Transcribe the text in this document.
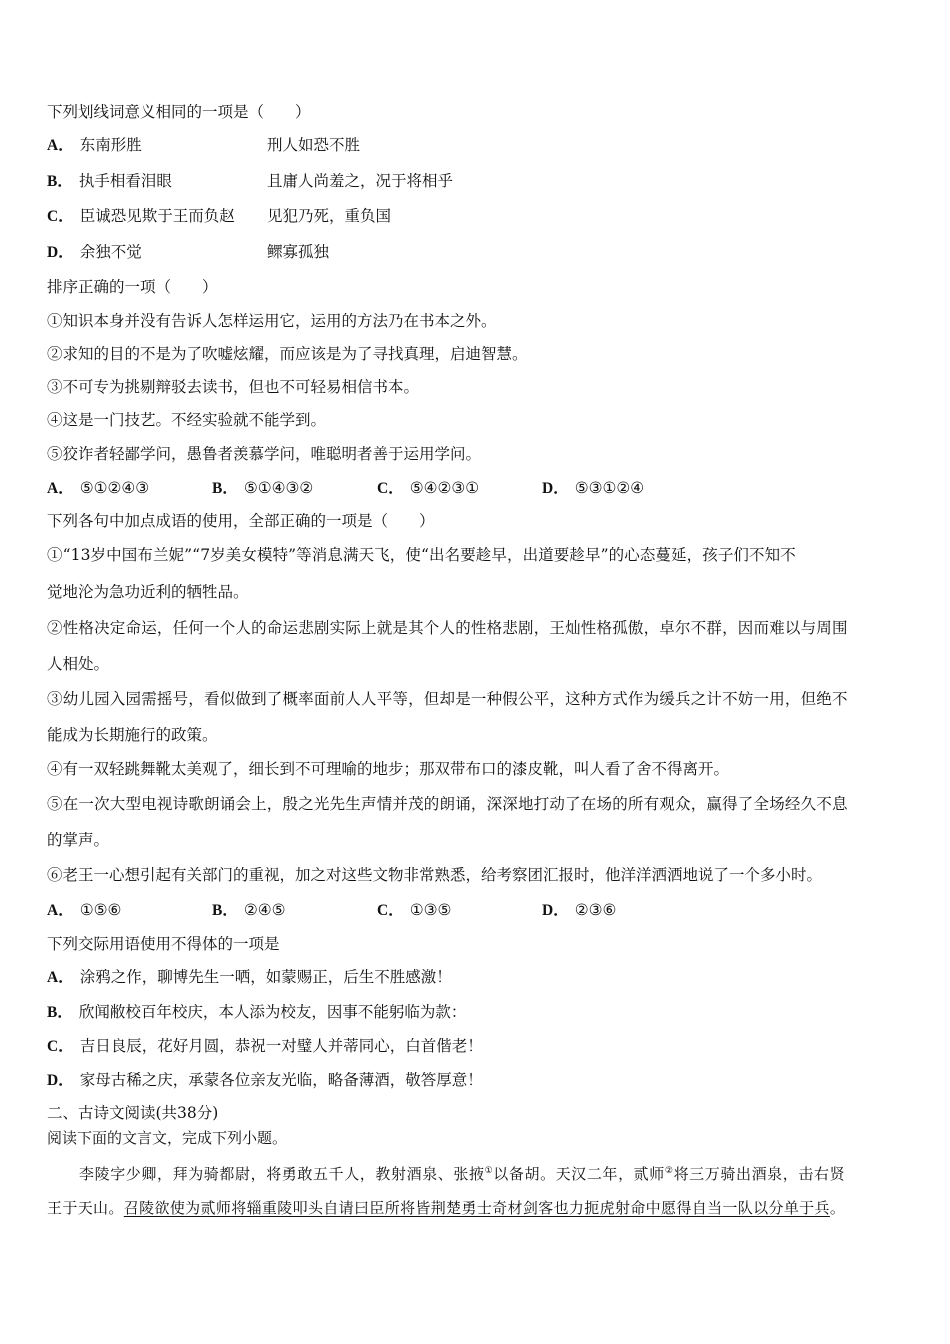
下列划线词意义相同的一项是（　　）
A． 东南形胜	刑人如恐不胜
B． 执手相看泪眼	且庸人尚羞之，况于将相乎
C． 臣诚恐见欺于王而负赵 见犯乃死，重负国
D． 余独不觉	鳏寡孤独
排序正确的一项（　　）
①知识本身并没有告诉人怎样运用它，运用的方法乃在书本之外。
②求知的目的不是为了吹嘘炫耀，而应该是为了寻找真理，启迪智慧。
③不可专为挑剔辩驳去读书，但也不可轻易相信书本。
④这是一门技艺。不经实验就不能学到。
⑤狡诈者轻鄙学问，愚鲁者羡慕学问，唯聪明者善于运用学问。
A． ⑤①②④③	B． ⑤①④③②	C． ⑤④②③①	D． ⑤③①②④
下列各句中加点成语的使用，全部正确的一项是（　　）
①“13岁中国布兰妮”“7岁美女模特”等消息满天飞，使“出名要趁早，出道要趁早”的心态蔓延，孩子们不知不
觉地沦为急功近利的牺牲品。
②性格决定命运，任何一个人的命运悲剧实际上就是其个人的性格悲剧，王灿性格孤傲，卓尔不群，因而难以与周围
人相处。
③幼儿园入园需摇号，看似做到了概率面前人人平等，但却是一种假公平，这种方式作为缓兵之计不妨一用，但绝不
能成为长期施行的政策。
④有一双轻跳舞靴太美观了，细长到不可理喻的地步；那双带布口的漆皮靴，叫人看了舍不得离开。
⑤在一次大型电视诗歌朗诵会上，殷之光先生声情并茂的朗诵，深深地打动了在场的所有观众，赢得了全场经久不息
的掌声。
⑥老王一心想引起有关部门的重视，加之对这些文物非常熟悉，给考察团汇报时，他洋洋洒洒地说了一个多小时。
A． ①⑤⑥	B． ②④⑤	C． ①③⑤	D． ②③⑥
下列交际用语使用不得体的一项是
A． 涂鸦之作，聊博先生一哂，如蒙赐正，后生不胜感激！
B． 欣闻敝校百年校庆，本人添为校友，因事不能躬临为款：
C． 吉日良辰，花好月圆，恭祝一对璧人并蒂同心，白首偕老！
D． 家母古稀之庆，承蒙各位亲友光临，略备薄酒，敬答厚意！
二、古诗文阅读(共38分)
阅读下面的文言文，完成下列小题。
李陵字少卿，拜为骑都尉，将勇敢五千人，教射酒泉、张掖①以备胡。天汉二年，贰师②将三万骑出酒泉，击右贤
王于天山。召陵欲使为贰师将辎重陵叩头自请曰臣所将皆荆楚勇士奇材剑客也力扼虎射命中愿得自当一队以分单于兵。
